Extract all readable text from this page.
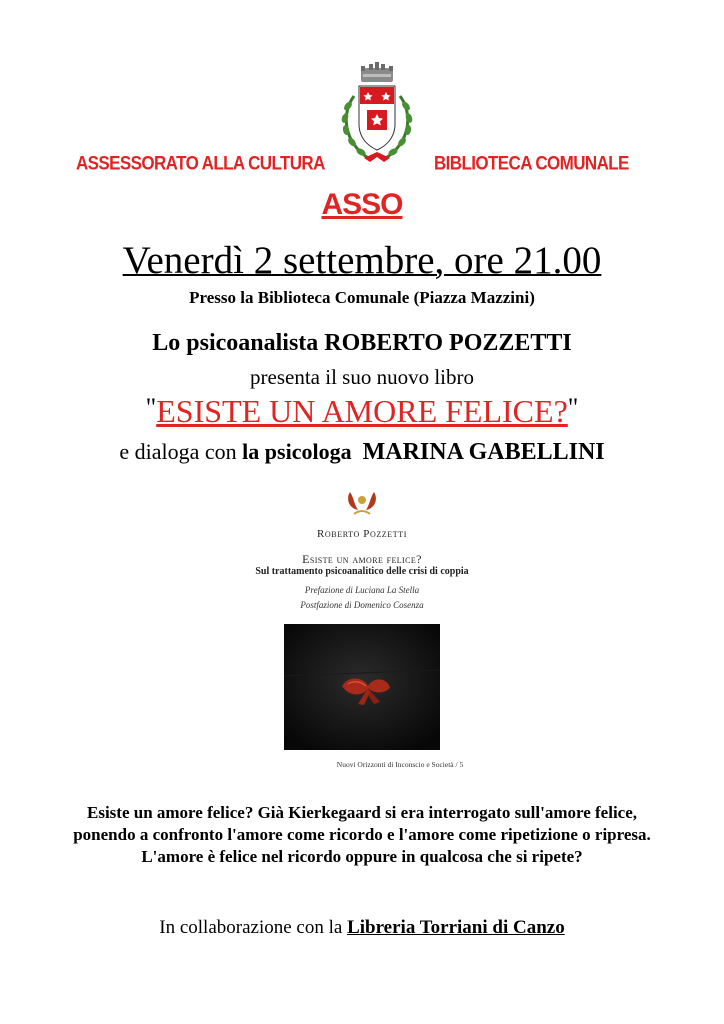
ASSESSORATO ALLA CULTURA	BIBLIOTECA COMUNALE
ASSO
Venerdì 2 settembre, ore 21.00
Presso la Biblioteca Comunale (Piazza Mazzini)
Lo psicoanalista ROBERTO POZZETTI
presenta il suo nuovo libro
"ESISTE UN AMORE FELICE?"
e dialoga con la psicologa MARINA GABELLINI
Roberto Pozzetti
Esiste un amore felice?
Sul trattamento psicoanalitico delle crisi di coppia
Prefazione di Luciana La Stella
Postfazione di Domenico Cosenza
Nuovi Orizzonti di Inconscio e Società / 5
Esiste un amore felice? Già Kierkegaard si era interrogato sull'amore felice, ponendo a confronto l'amore come ricordo e l'amore come ripetizione o ripresa. L'amore è felice nel ricordo oppure in qualcosa che si ripete?
In collaborazione con la Libreria Torriani di Canzo
